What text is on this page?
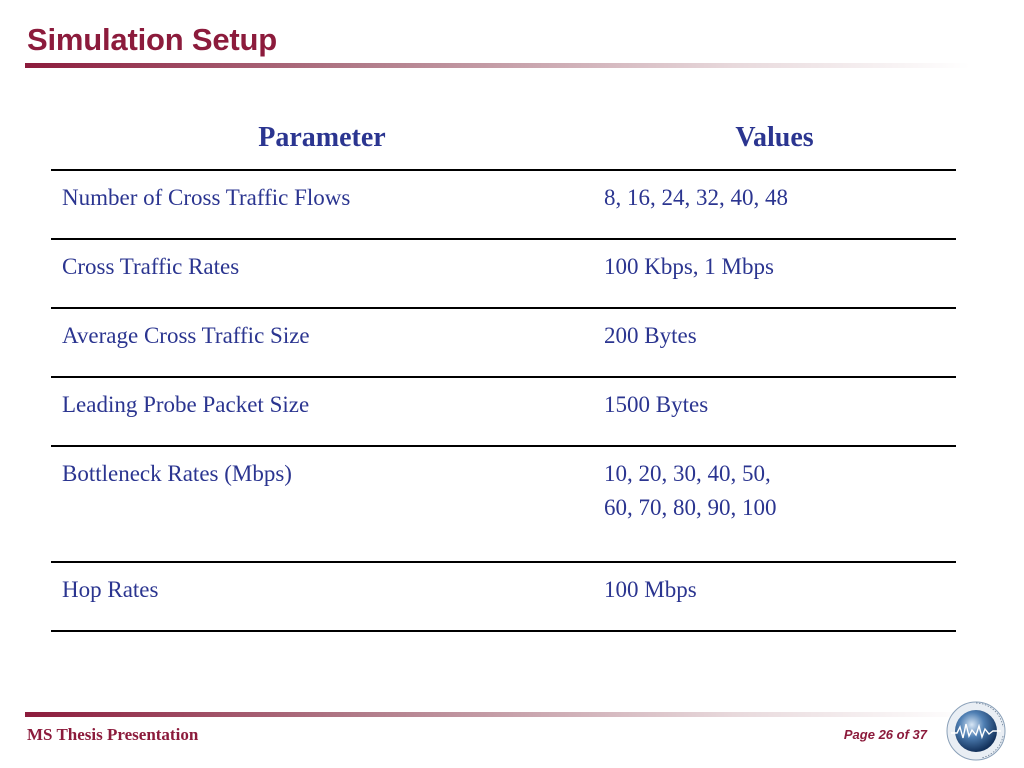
Simulation Setup
Parameter	Values
Number of Cross Traffic Flows	8, 16, 24, 32, 40, 48

Cross Traffic Rates	100 Kbps, 1 Mbps

Average Cross Traffic Size	200 Bytes

Leading Probe Packet Size	1500 Bytes

Bottleneck Rates (Mbps)	10, 20, 30, 40, 50,
60, 70, 80, 90, 100

Hop Rates	100 Mbps
MS Thesis Presentation	Page 26 of 37
